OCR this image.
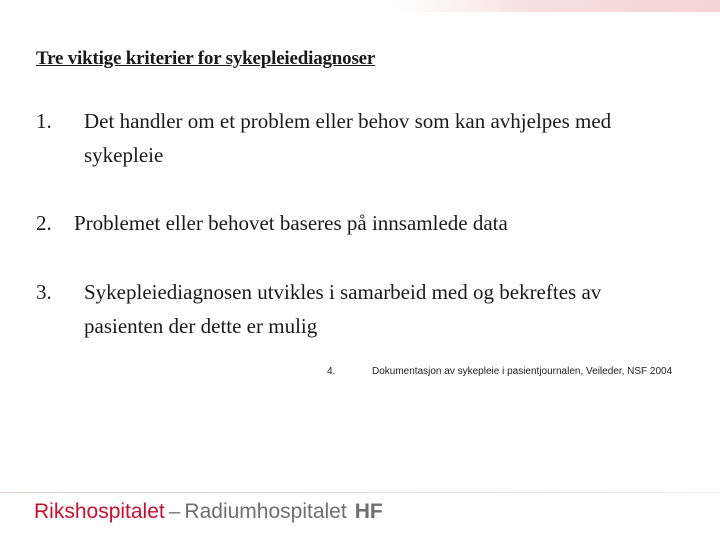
Tre viktige kriterier for sykepleiediagnoser
1. Det handler om et problem eller behov som kan avhjelpes med sykepleie
2. Problemet eller behovet baseres på innsamlede data
3. Sykepleiediagnosen utvikles i samarbeid med og bekreftes av pasienten der dette er mulig
4.	Dokumentasjon av sykepleie i pasientjournalen, Veileder, NSF 2004
Rikshospitalet – Radiumhospitalet HF
